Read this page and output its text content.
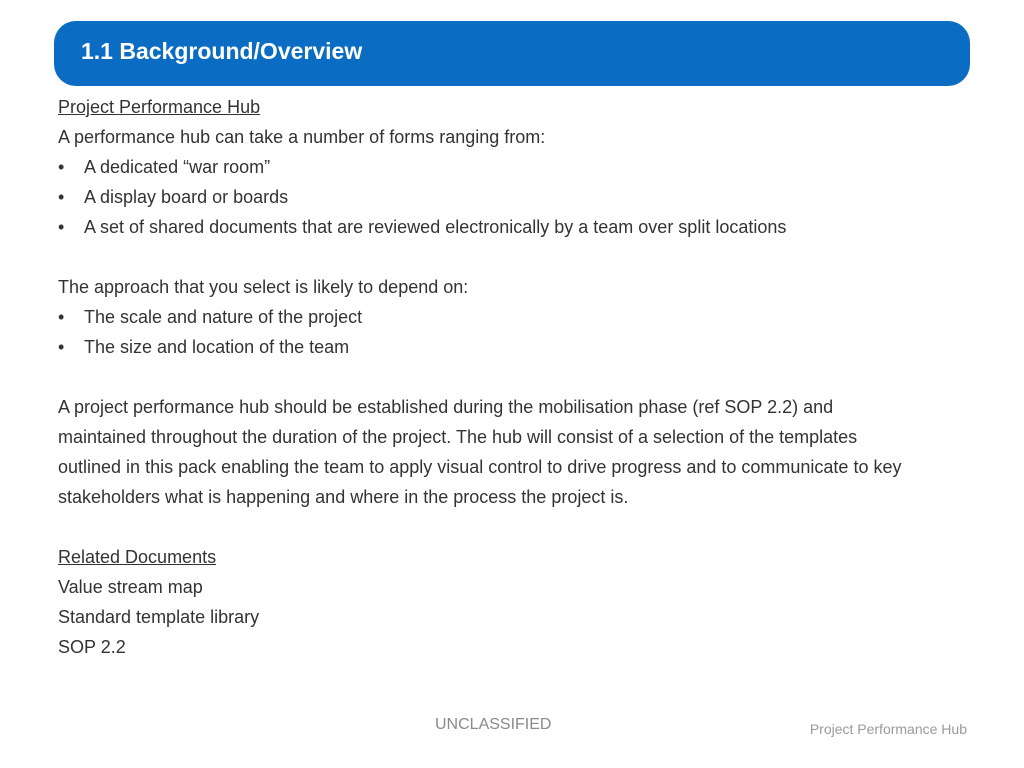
1.1 Background/Overview
Project Performance Hub
A performance hub can take a number of forms ranging from:
•	A dedicated “war room”
•	A display board or boards
•	A set of shared documents that are reviewed electronically by a team over split locations
The approach that you select is likely to depend on:
•	The scale and nature of the project
•	The size and location of the team
A project performance hub should be established during the mobilisation phase (ref SOP 2.2) and
maintained throughout the duration of the project. The hub will consist of a selection of the templates
outlined in this pack enabling the team to apply visual control to drive progress and to communicate to key
stakeholders what is happening and where in the process the project is.
Related Documents
Value stream map
Standard template library
SOP 2.2
UNCLASSIFIED	Project Performance Hub
